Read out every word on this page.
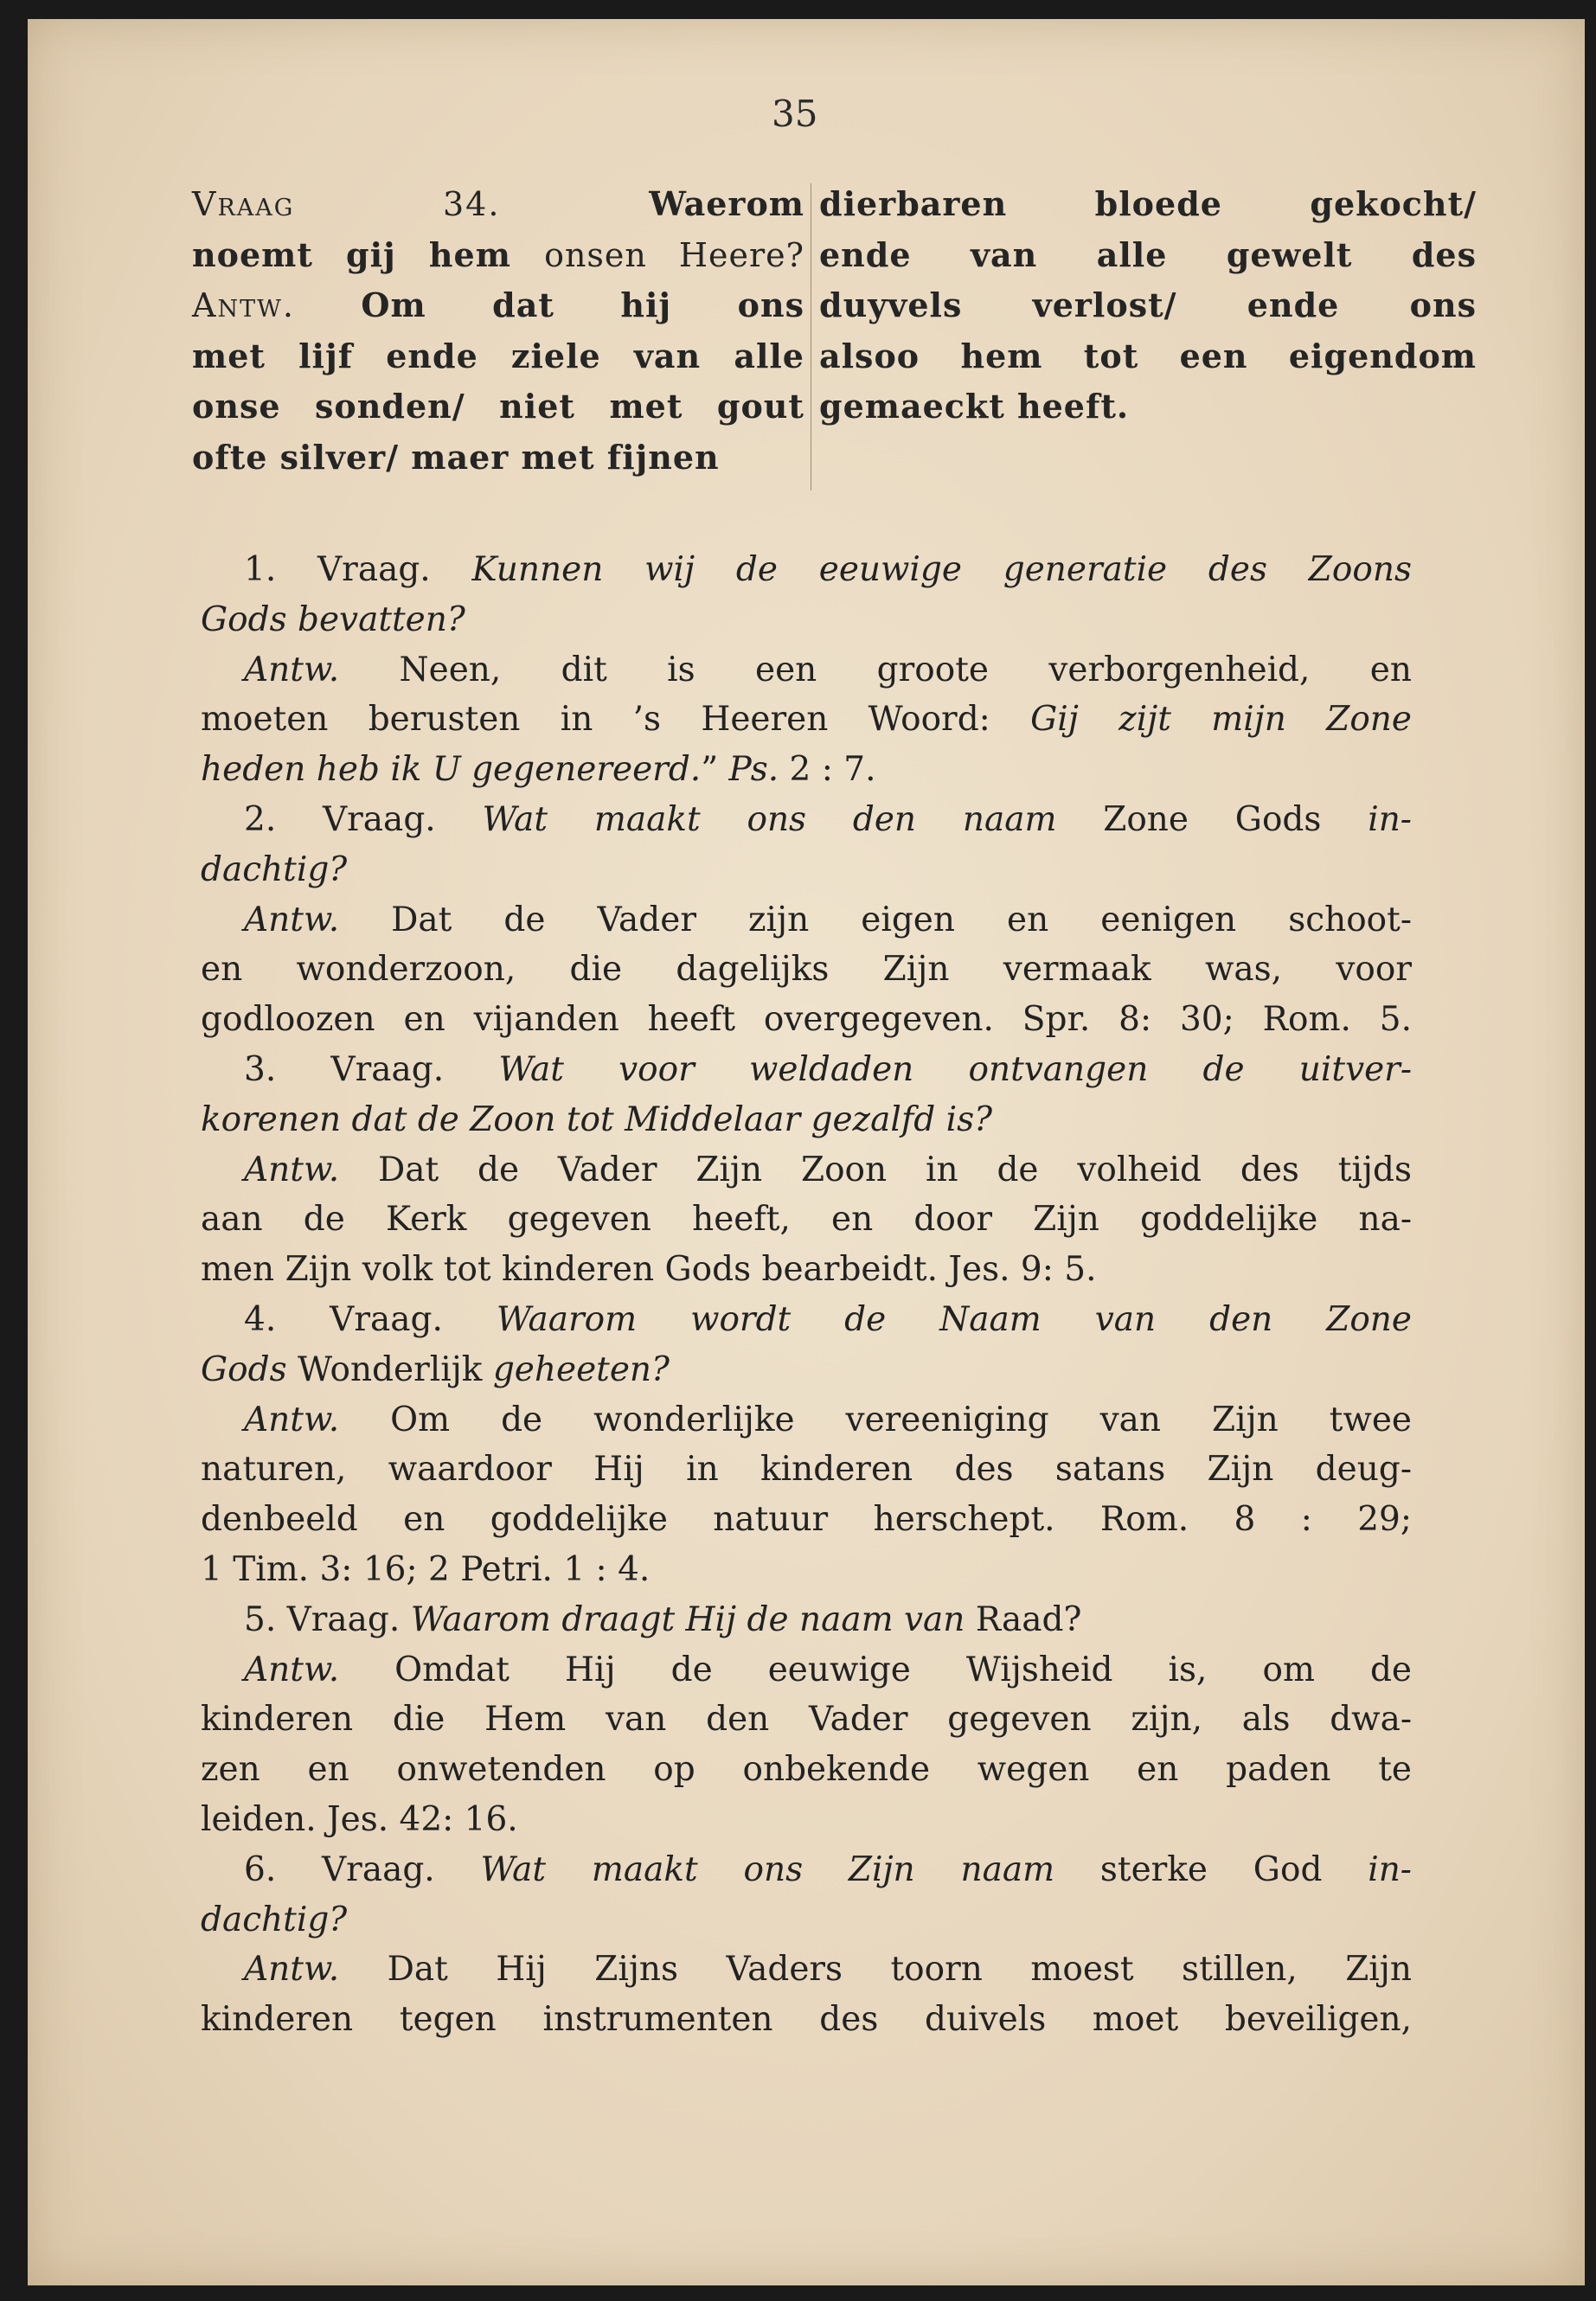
35
Vraag 34.	Waerom
noemt gij hem onsen Heere?
Antw. Om dat hij ons
met lijf ende ziele van alle
onse sonden/ niet met gout
ofte silver/ maer met fijnen
dierbaren bloede gekocht/
ende van alle gewelt des
duyvels verlost/ ende ons
alsoo hem tot een eigendom
gemaeckt heeft.
1. Vraag. Kunnen wij de eeuwige generatie des Zoons
Gods bevatten?
Antw. Neen, dit is een groote verborgenheid, en
moeten berusten in ’s Heeren Woord: Gij zijt mijn Zone
heden heb ik U gegenereerd.” Ps. 2 : 7.
2. Vraag. Wat maakt ons den naam Zone Gods in-
dachtig?
Antw. Dat de Vader zijn eigen en eenigen schoot-
en wonderzoon, die dagelijks Zijn vermaak was, voor
godloozen en vijanden heeft overgegeven. Spr. 8: 30; Rom. 5.
3. Vraag. Wat voor weldaden ontvangen de uitver-
korenen dat de Zoon tot Middelaar gezalfd is?
Antw. Dat de Vader Zijn Zoon in de volheid des tijds
aan de Kerk gegeven heeft, en door Zijn goddelijke na-
men Zijn volk tot kinderen Gods bearbeidt. Jes. 9: 5.
4. Vraag. Waarom wordt de Naam van den Zone
Gods Wonderlijk geheeten?
Antw. Om de wonderlijke vereeniging van Zijn twee
naturen, waardoor Hij in kinderen des satans Zijn deug-
denbeeld en goddelijke natuur herschept. Rom. 8 : 29;
1 Tim. 3: 16; 2 Petri. 1 : 4.
5. Vraag. Waarom draagt Hij de naam van Raad?
Antw. Omdat Hij de eeuwige Wijsheid is, om de
kinderen die Hem van den Vader gegeven zijn, als dwa-
zen en onwetenden op onbekende wegen en paden te
leiden. Jes. 42: 16.
6. Vraag. Wat maakt ons Zijn naam sterke God in-
dachtig?
Antw. Dat Hij Zijns Vaders toorn moest stillen, Zijn
kinderen tegen instrumenten des duivels moet beveiligen,
